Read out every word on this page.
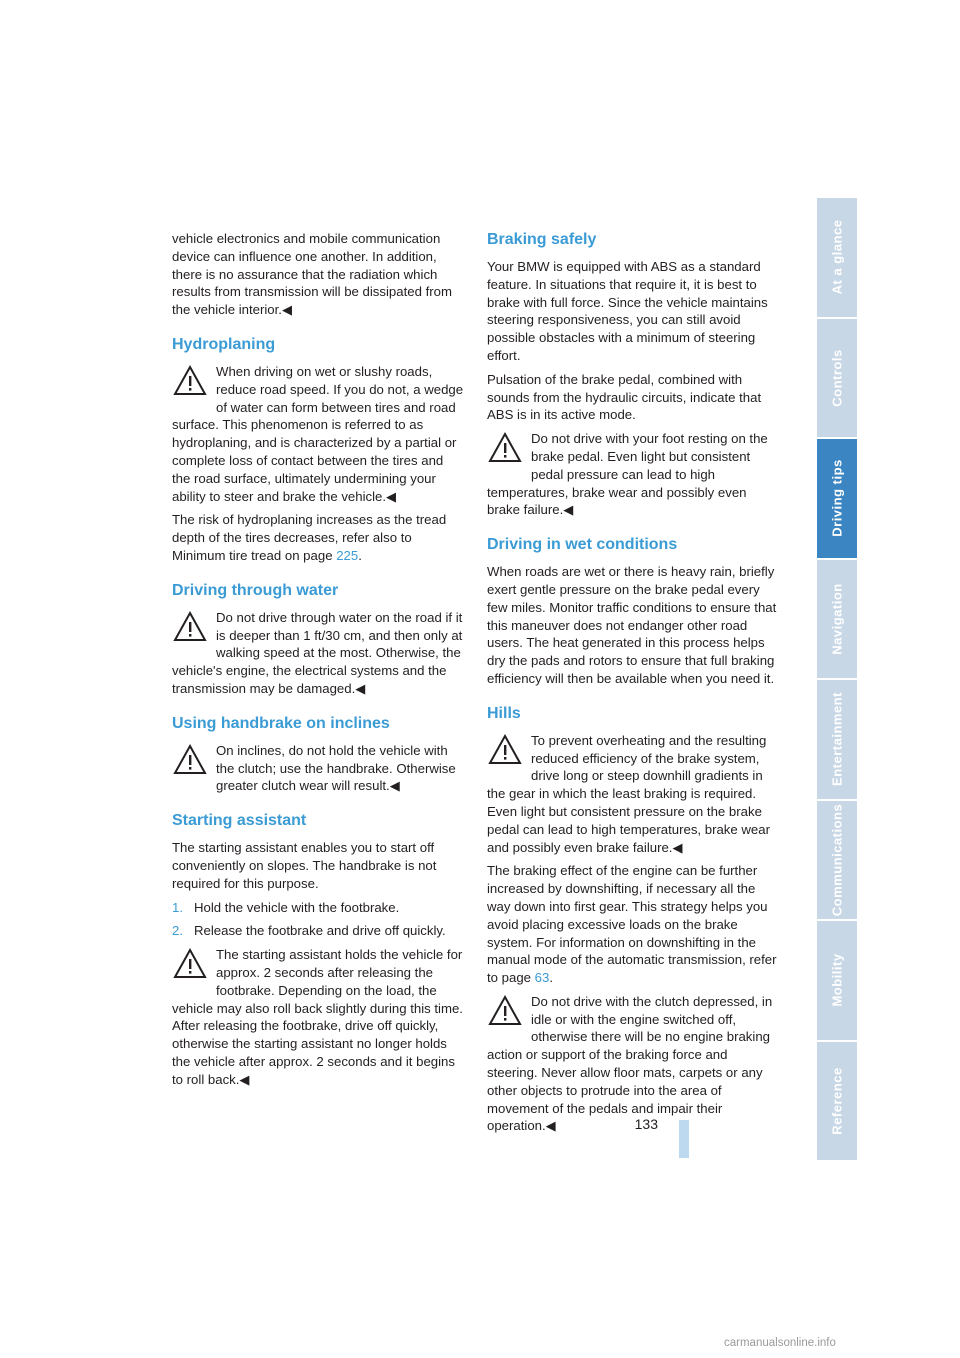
vehicle electronics and mobile communication device can influence one another. In addition, there is no assurance that the radiation which results from transmission will be dissipated from the vehicle interior.◀

Hydroplaning
When driving on wet or slushy roads, reduce road speed. If you do not, a wedge of water can form between tires and road surface. This phenomenon is referred to as hydroplaning, and is characterized by a partial or complete loss of contact between the tires and the road surface, ultimately undermining your ability to steer and brake the vehicle.◀

The risk of hydroplaning increases as the tread depth of the tires decreases, refer also to Minimum tire tread on page 225.

Driving through water
Do not drive through water on the road if it is deeper than 1 ft/30 cm, and then only at walking speed at the most. Otherwise, the vehicle's engine, the electrical systems and the transmission may be damaged.◀
Using handbrake on inclines
On inclines, do not hold the vehicle with the clutch; use the handbrake. Otherwise greater clutch wear will result.◀
Starting assistant

The starting assistant enables you to start off conveniently on slopes. The handbrake is not required for this purpose.

1. Hold the vehicle with the footbrake.
2. Release the footbrake and drive off quickly.
The starting assistant holds the vehicle for approx. 2 seconds after releasing the footbrake. Depending on the load, the vehicle may also roll back slightly during this time. After releasing the footbrake, drive off quickly, otherwise the starting assistant no longer holds the vehicle after approx. 2 seconds and it begins to roll back.◀
Braking safely

Your BMW is equipped with ABS as a standard feature. In situations that require it, it is best to brake with full force. Since the vehicle maintains steering responsiveness, you can still avoid possible obstacles with a minimum of steering effort.

Pulsation of the brake pedal, combined with sounds from the hydraulic circuits, indicate that ABS is in its active mode.

Do not drive with your foot resting on the brake pedal. Even light but consistent pedal pressure can lead to high temperatures, brake wear and possibly even brake failure.◀
Driving in wet conditions

When roads are wet or there is heavy rain, briefly exert gentle pressure on the brake pedal every few miles. Monitor traffic conditions to ensure that this maneuver does not endanger other road users. The heat generated in this process helps dry the pads and rotors to ensure that full braking efficiency will then be available when you need it.

Hills
To prevent overheating and the resulting reduced efficiency of the brake system, drive long or steep downhill gradients in the gear in which the least braking is required. Even light but consistent pressure on the brake pedal can lead to high temperatures, brake wear and possibly even brake failure.◀

The braking effect of the engine can be further increased by downshifting, if necessary all the way down into first gear. This strategy helps you avoid placing excessive loads on the brake system. For information on downshifting in the manual mode of the automatic transmission, refer to page 63.

Do not drive with the clutch depressed, in idle or with the engine switched off, otherwise there will be no engine braking action or support of the braking force and steering. Never allow floor mats, carpets or any other objects to protrude into the area of movement of the pedals and impair their operation.◀	133
At a glance
Controls
Driving tips
Navigation
Entertainment
Communications
Mobility
Reference
carmanualsonline.info
